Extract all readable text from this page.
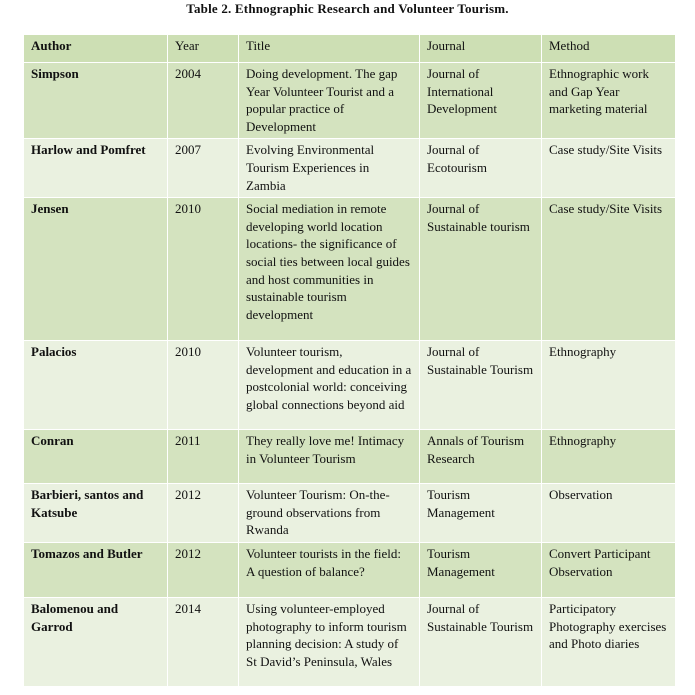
Table 2. Ethnographic Research and Volunteer Tourism.
Author	Year	Title	Journal	Method
Simpson	2004	Doing development. The gap Year Volunteer Tourist and a popular practice of Development	Journal of International Development	Ethnographic work and Gap Year marketing material
Harlow and Pomfret	2007	Evolving Environmental Tourism Experiences in Zambia	Journal of Ecotourism	Case study/Site Visits
Jensen	2010	Social mediation in remote developing world location locations- the significance of social ties between local guides and host communities in sustainable tourism development	Journal of Sustainable tourism	Case study/Site Visits
Palacios	2010	Volunteer tourism, development and education in a postcolonial world: conceiving global connections beyond aid	Journal of Sustainable Tourism	Ethnography
Conran	2011	They really love me! Intimacy in Volunteer Tourism	Annals of Tourism Research	Ethnography
Barbieri, santos and Katsube	2012	Volunteer Tourism: On-the-ground observations from Rwanda	Tourism Management	Observation
Tomazos and Butler	2012	Volunteer tourists in the field: A question of balance?	Tourism Management	Convert Participant Observation
Balomenou and Garrod	2014	Using volunteer-employed photography to inform tourism planning decision: A study of St David’s Peninsula, Wales	Journal of Sustainable Tourism	Participatory Photography exercises and Photo diaries
